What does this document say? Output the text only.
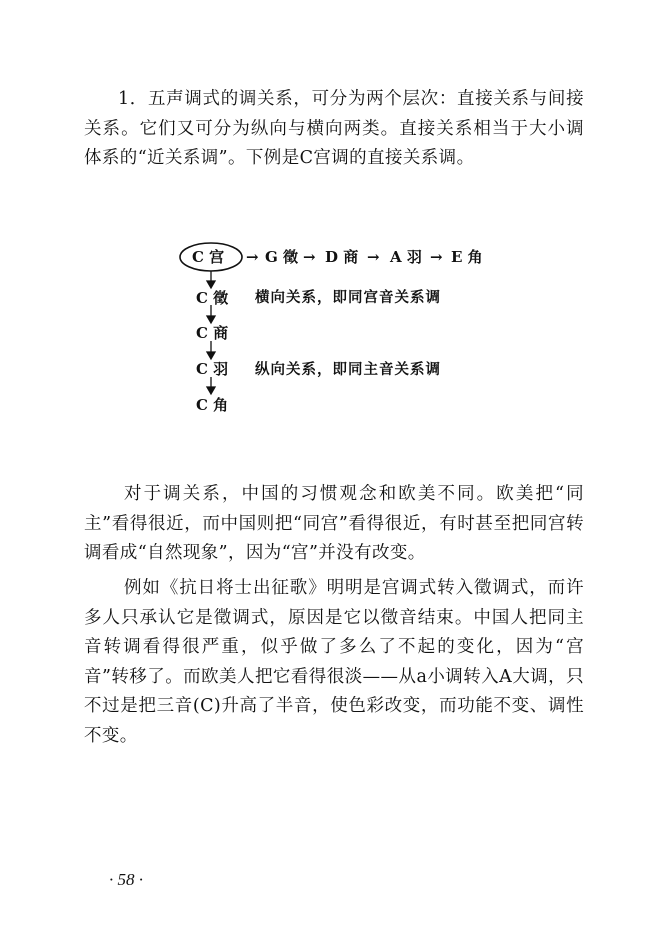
1．五声调式的调关系，可分为两个层次：直接关系与间接关系。它们又可分为纵向与横向两类。直接关系相当于大小调体系的“近关系调”。下例是C宫调的直接关系调。

C 宫 → G 徵 → D 商 → A 羽 → E 角
C 徵
C 商
C 羽
C 角
横向关系，即同宫音关系调
纵向关系，即同主音关系调

对于调关系，中国的习惯观念和欧美不同。欧美把“同主”看得很近，而中国则把“同宫”看得很近，有时甚至把同宫转调看成“自然现象”，因为“宫”并没有改变。

例如《抗日将士出征歌》明明是宫调式转入徵调式，而许多人只承认它是徵调式，原因是它以徵音结束。中国人把同主音转调看得很严重，似乎做了多么了不起的变化，因为“宫音”转移了。而欧美人把它看得很淡——从a小调转入A大调，只不过是把三音(C)升高了半音，使色彩改变，而功能不变、调性不变。

· 58 ·
